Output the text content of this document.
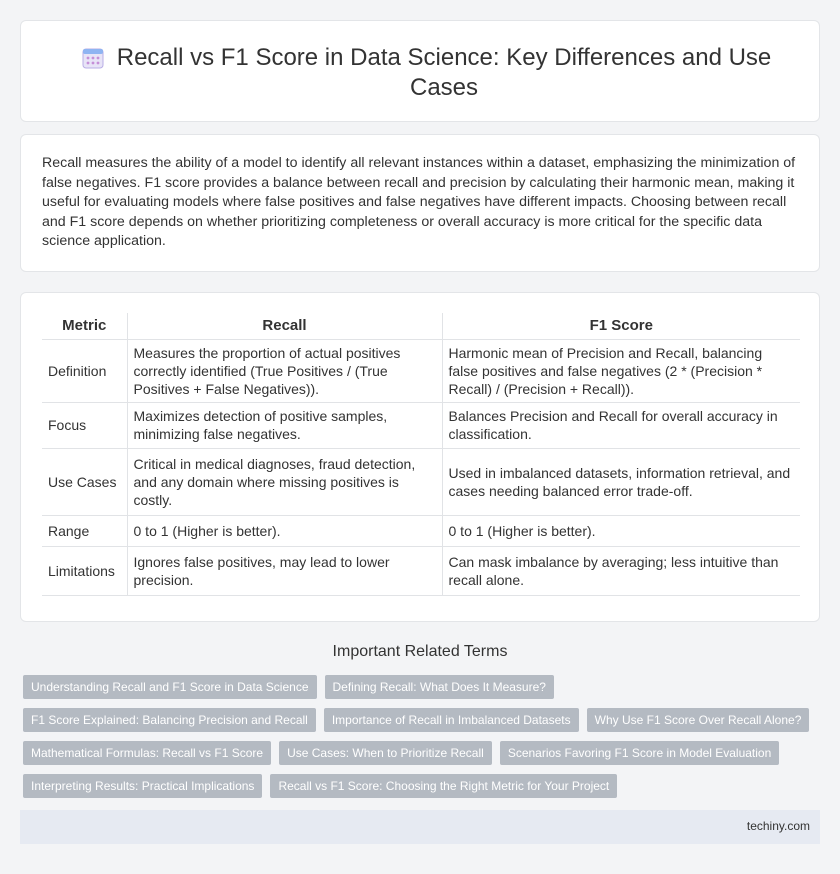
Recall vs F1 Score in Data Science: Key Differences and Use Cases

Recall measures the ability of a model to identify all relevant instances within a dataset, emphasizing the minimization of false negatives. F1 score provides a balance between recall and precision by calculating their harmonic mean, making it useful for evaluating models where false positives and false negatives have different impacts. Choosing between recall and F1 score depends on whether prioritizing completeness or overall accuracy is more critical for the specific data science application.

Metric	Recall	F1 Score
Definition	Measures the proportion of actual positives correctly identified (True Positives / (True Positives + False Negatives)).	Harmonic mean of Precision and Recall, balancing false positives and false negatives (2 * (Precision * Recall) / (Precision + Recall)).
Focus	Maximizes detection of positive samples, minimizing false negatives.	Balances Precision and Recall for overall accuracy in classification.
Use Cases	Critical in medical diagnoses, fraud detection, and any domain where missing positives is costly.	Used in imbalanced datasets, information retrieval, and cases needing balanced error trade-off.
Range	0 to 1 (Higher is better).	0 to 1 (Higher is better).
Limitations	Ignores false positives, may lead to lower precision.	Can mask imbalance by averaging; less intuitive than recall alone.
Important Related Terms
Understanding Recall and F1 Score in Data Science	Defining Recall: What Does It Measure?
F1 Score Explained: Balancing Precision and Recall	Importance of Recall in Imbalanced Datasets	Why Use F1 Score Over Recall Alone?
Mathematical Formulas: Recall vs F1 Score	Use Cases: When to Prioritize Recall	Scenarios Favoring F1 Score in Model Evaluation
Interpreting Results: Practical Implications	Recall vs F1 Score: Choosing the Right Metric for Your Project
techiny.com
